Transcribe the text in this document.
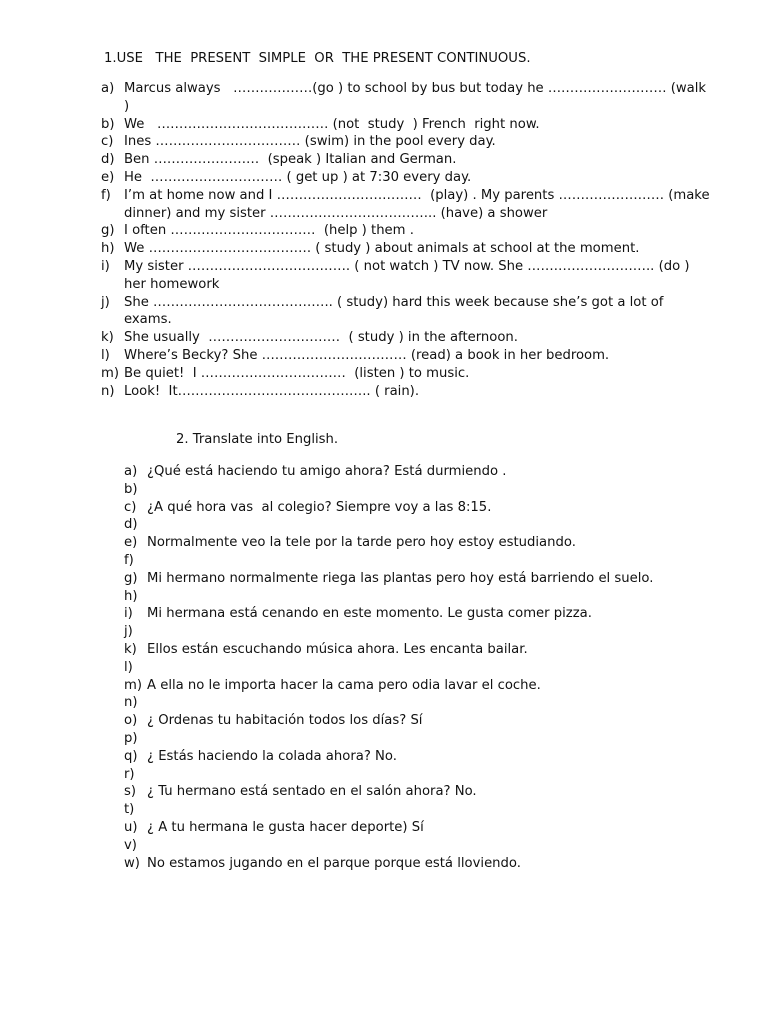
1.USE   THE  PRESENT  SIMPLE  OR  THE PRESENT CONTINUOUS.
a) Marcus always   ………………(go ) to school by bus but today he ……………………… (walk  )
b) We   ………………………………… (not  study  ) French  right now.
c) Ines …………………………… (swim) in the pool every day.
d) Ben ……………………  (speak ) Italian and German.
e) He  ………………………… ( get up ) at 7:30 every day.
f) I’m at home now and I ……………………………  (play) . My parents …………………… (make dinner) and my sister ……………………………….. (have) a shower
g) I often ……………………………  (help ) them .
h) We ………………………………. ( study ) about animals at school at the moment.
i) My sister ………………………………. ( not watch ) TV now. She ……………………….. (do ) her homework
j) She ………………………………….. ( study) hard this week because she’s got a lot of exams.
k) She usually  …………………………  ( study ) in the afternoon.
l) Where’s Becky? She …………………………… (read) a book in her bedroom.
m) Be quiet!  I ……………………………  (listen ) to music.
n) Look!  It…………………………………….. ( rain).
2. Translate into English.
a) ¿Qué está haciendo tu amigo ahora? Está durmiendo .
b)
c) ¿A qué hora vas  al colegio? Siempre voy a las 8:15.
d)
e) Normalmente veo la tele por la tarde pero hoy estoy estudiando.
f)
g) Mi hermano normalmente riega las plantas pero hoy está barriendo el suelo.
h)
i) Mi hermana está cenando en este momento. Le gusta comer pizza.
j)
k) Ellos están escuchando música ahora. Les encanta bailar.
l)
m) A ella no le importa hacer la cama pero odia lavar el coche.
n)
o) ¿ Ordenas tu habitación todos los días? Sí
p)
q) ¿ Estás haciendo la colada ahora? No.
r)
s) ¿ Tu hermano está sentado en el salón ahora? No.
t)
u) ¿ A tu hermana le gusta hacer deporte) Sí
v)
w) No estamos jugando en el parque porque está lloviendo.
